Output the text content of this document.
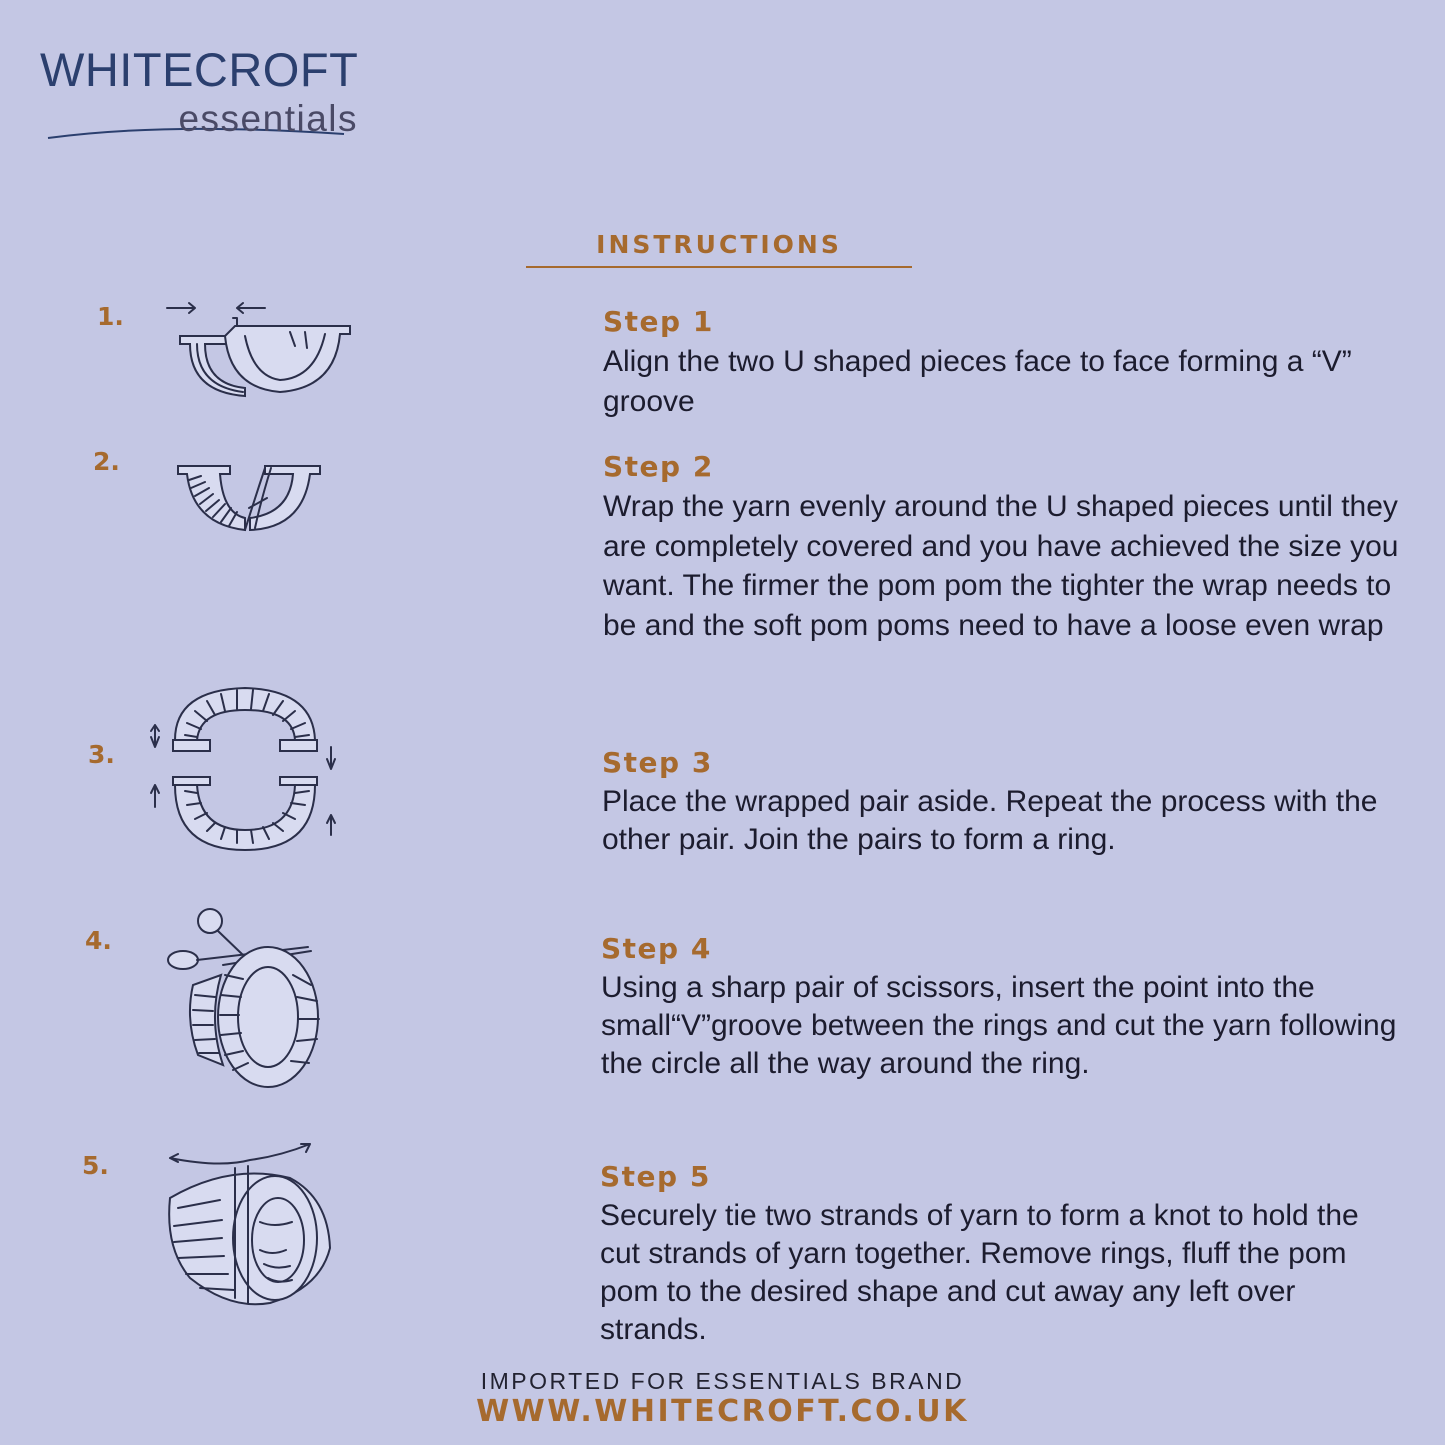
WHITECROFT
essentials
INSTRUCTIONS
1.	Step 1
Align the two U shaped pieces face to face forming a “V” groove
2.	Step 2
Wrap the yarn evenly around the U shaped pieces until they are completely covered and you have achieved the size you want. The firmer the pom pom the tighter the wrap needs to be and the soft pom poms need to have a loose even wrap
3.	Step 3
Place the wrapped pair aside. Repeat the process with the other pair. Join the pairs to form a ring.
4.	Step 4
Using a sharp pair of scissors, insert the point into the small“V”groove between the rings and cut the yarn following the circle all the way around the ring.
5.	Step 5
Securely tie two strands of yarn to form a knot to hold the cut strands of yarn together. Remove rings, fluff the pom pom to the desired shape and cut away any left over strands.
IMPORTED FOR ESSENTIALS BRAND
WWW.WHITECROFT.CO.UK
